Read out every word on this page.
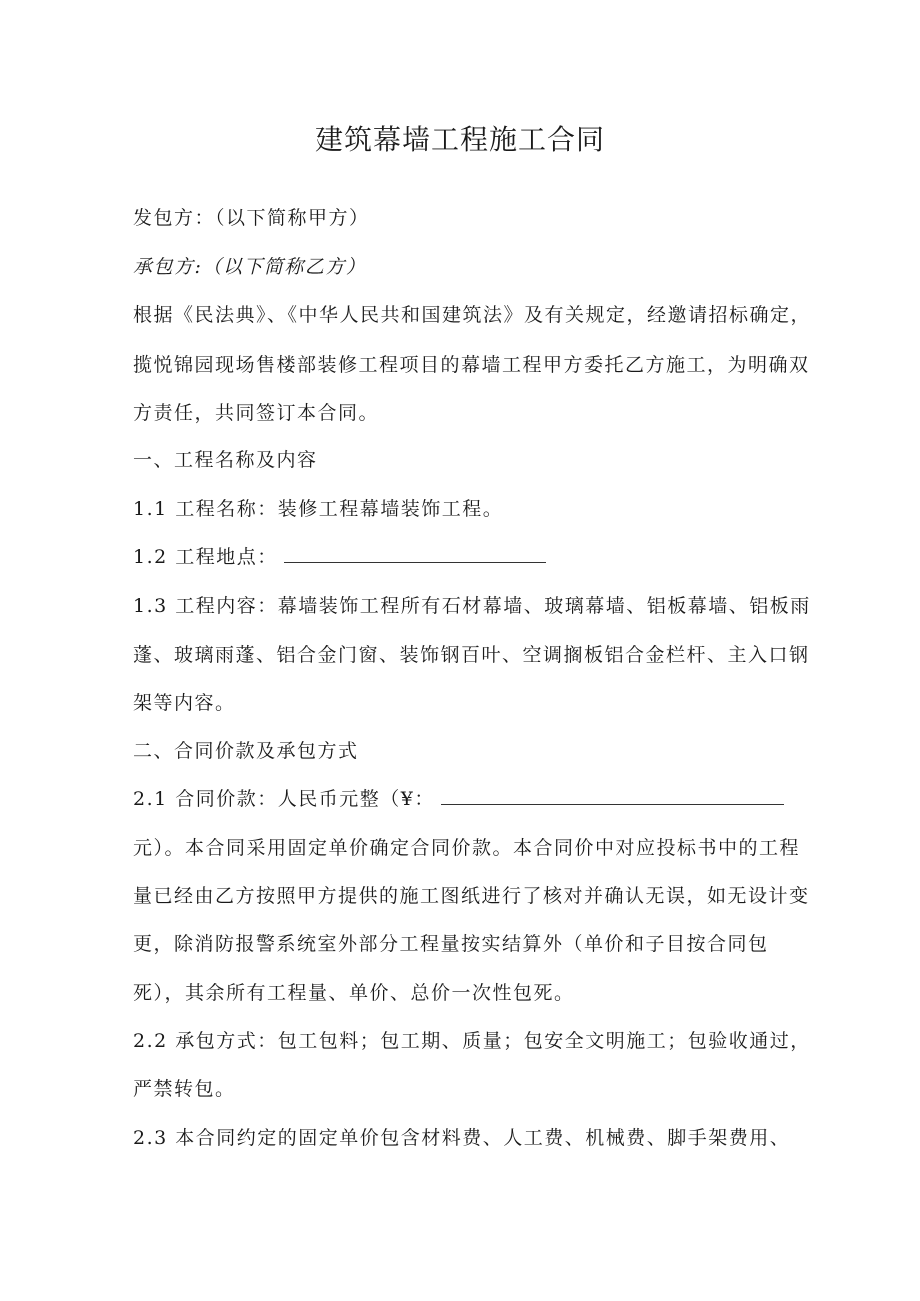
建筑幕墙工程施工合同
发包方：（以下简称甲方）
承包方:（以下简称乙方）
根据《民法典》、《中华人民共和国建筑法》及有关规定，经邀请招标确定，
揽悦锦园现场售楼部装修工程项目的幕墙工程甲方委托乙方施工，为明确双
方责任，共同签订本合同。
一、工程名称及内容
1.1 工程名称：装修工程幕墙装饰工程。
1.2 工程地点：
1.3 工程内容：幕墙装饰工程所有石材幕墙、玻璃幕墙、铝板幕墙、铝板雨
蓬、玻璃雨蓬、铝合金门窗、装饰钢百叶、空调搁板铝合金栏杆、主入口钢
架等内容。
二、合同价款及承包方式
2.1 合同价款：人民币元整（¥：
元）。本合同采用固定单价确定合同价款。本合同价中对应投标书中的工程
量已经由乙方按照甲方提供的施工图纸进行了核对并确认无误，如无设计变
更，除消防报警系统室外部分工程量按实结算外（单价和子目按合同包
死），其余所有工程量、单价、总价一次性包死。
2.2 承包方式：包工包料；包工期、质量；包安全文明施工；包验收通过，
严禁转包。
2.3 本合同约定的固定单价包含材料费、人工费、机械费、脚手架费用、
